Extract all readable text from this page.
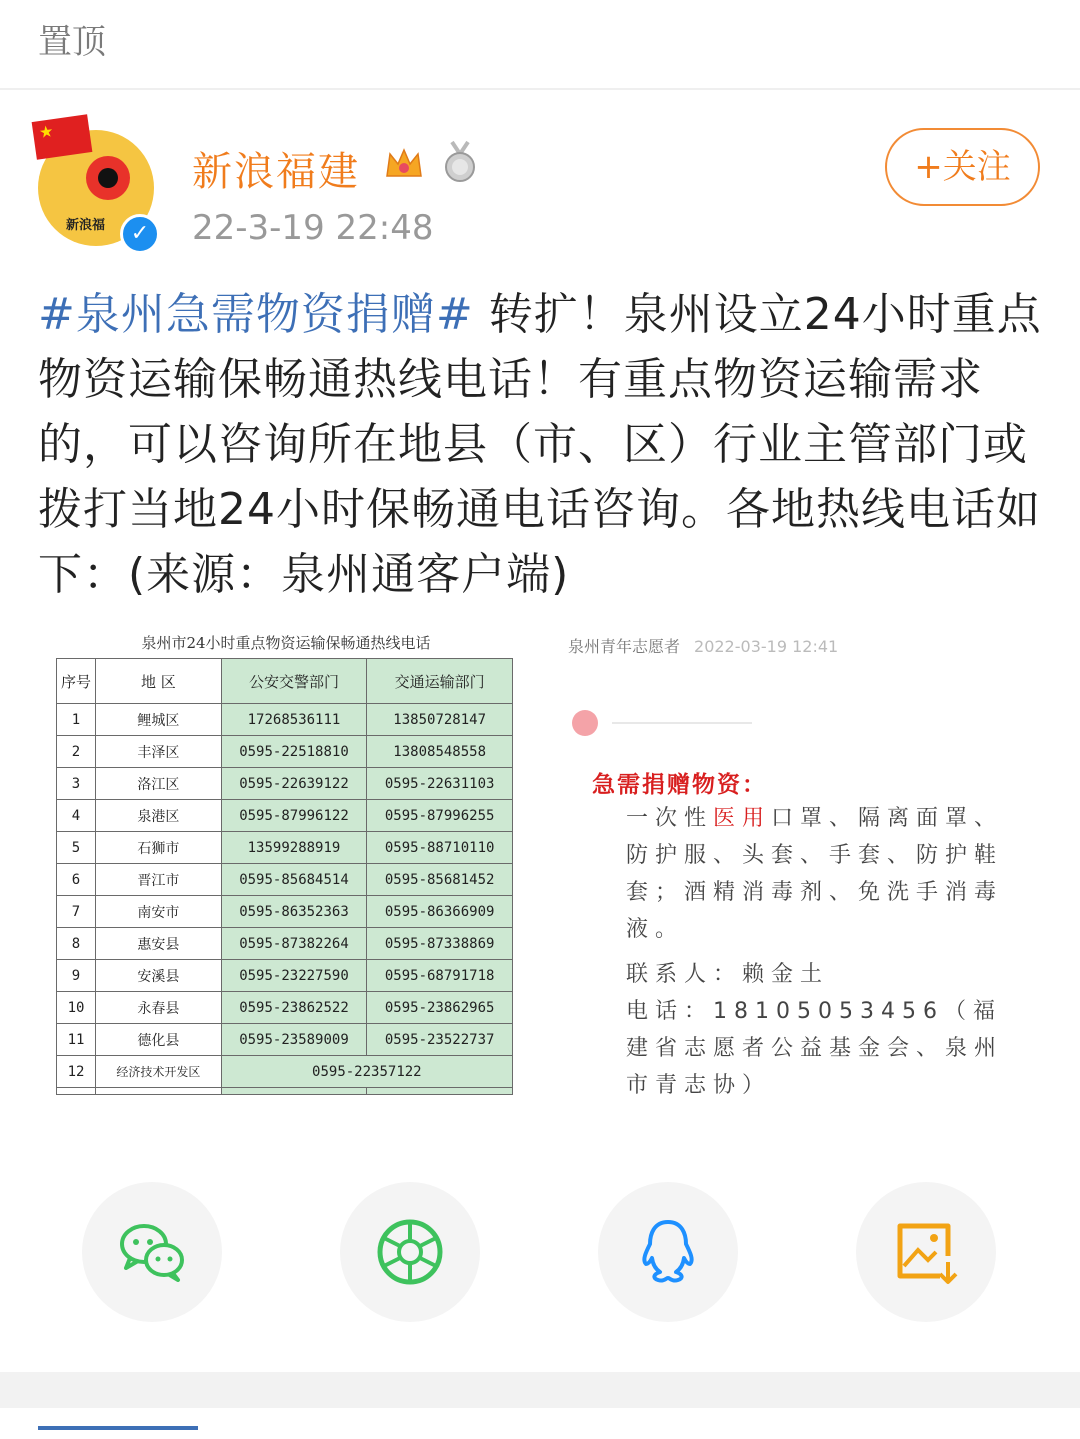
置顶
新浪福
★	✓
新浪福建
22-3-19 22:48
+关注
#泉州急需物资捐赠# 转扩！泉州设立24小时重点物资运输保畅通热线电话！有重点物资运输需求的，可以咨询所在地县（市、区）行业主管部门或拨打当地24小时保畅通电话咨询。各地热线电话如下：(来源：泉州通客户端)
泉州市24小时重点物资运输保畅通热线电话
序号	地 区	公安交警部门	交通运输部门
1	鲤城区	17268536111	13850728147
2	丰泽区	0595-22518810	13808548558
3	洛江区	0595-22639122	0595-22631103
4	泉港区	0595-87996122	0595-87996255
5	石狮市	13599288919	0595-88710110
6	晋江市	0595-85684514	0595-85681452
7	南安市	0595-86352363	0595-86366909
8	惠安县	0595-87382264	0595-87338869
9	安溪县	0595-23227590	0595-68791718
10	永春县	0595-23862522	0595-23862965
11	德化县	0595-23589009	0595-23522737
12	经济技术开发区	0595-22357122	

泉州青年志愿者 2022-03-19 12:41
急需捐赠物资：
一次性医用口罩、隔离面罩、防护服、头套、手套、防护鞋套；酒精消毒剂、免洗手消毒液。
联系人：赖金土
电话：18105053456（福建省志愿者公益基金会、泉州市青志协）
